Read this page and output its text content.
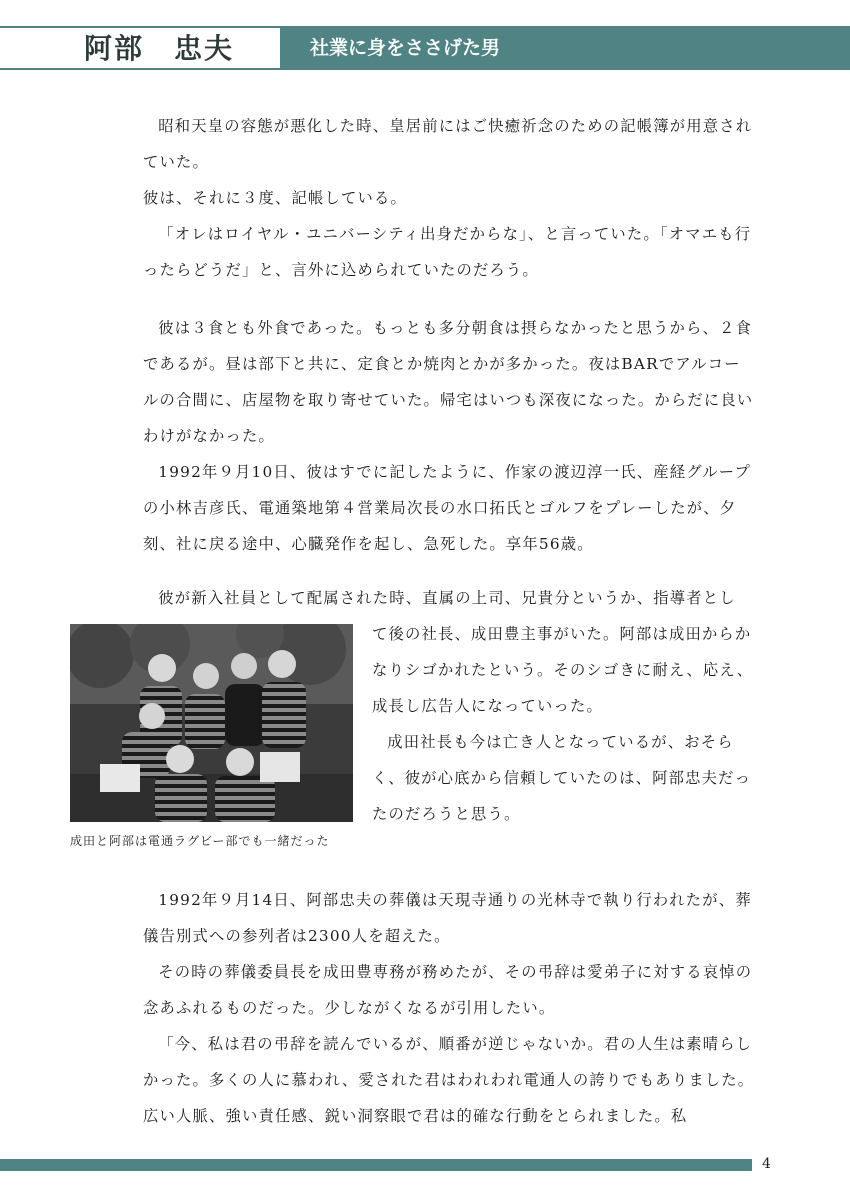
阿部　忠夫	社業に身をささげた男

昭和天皇の容態が悪化した時、皇居前にはご快癒祈念のための記帳簿が用意されていた。

彼は、それに３度、記帳している。

「オレはロイヤル・ユニバーシティ出身だからな」、と言っていた。「オマエも行ったらどうだ」と、言外に込められていたのだろう。

彼は３食とも外食であった。もっとも多分朝食は摂らなかったと思うから、２食であるが。昼は部下と共に、定食とか焼肉とかが多かった。夜はBARでアルコールの合間に、店屋物を取り寄せていた。帰宅はいつも深夜になった。からだに良いわけがなかった。

1992年９月10日、彼はすでに記したように、作家の渡辺淳一氏、産経グループの小林吉彦氏、電通築地第４営業局次長の水口拓氏とゴルフをプレーしたが、夕刻、社に戻る途中、心臓発作を起し、急死した。享年56歳。

彼が新入社員として配属された時、直属の上司、兄貴分というか、指導者とし

て後の社長、成田豊主事がいた。阿部は成田からかなりシゴかれたという。そのシゴきに耐え、応え、成長し広告人になっていった。

成田社長も今は亡き人となっているが、おそらく、彼が心底から信頼していたのは、阿部忠夫だったのだろうと思う。

成田と阿部は電通ラグビー部でも一緒だった

1992年９月14日、阿部忠夫の葬儀は天現寺通りの光林寺で執り行われたが、葬儀告別式への参列者は2300人を超えた。

その時の葬儀委員長を成田豊専務が務めたが、その弔辞は愛弟子に対する哀悼の念あふれるものだった。少しながくなるが引用したい。

「今、私は君の弔辞を読んでいるが、順番が逆じゃないか。君の人生は素晴らしかった。多くの人に慕われ、愛された君はわれわれ電通人の誇りでもありました。広い人脈、強い責任感、鋭い洞察眼で君は的確な行動をとられました。私

4
